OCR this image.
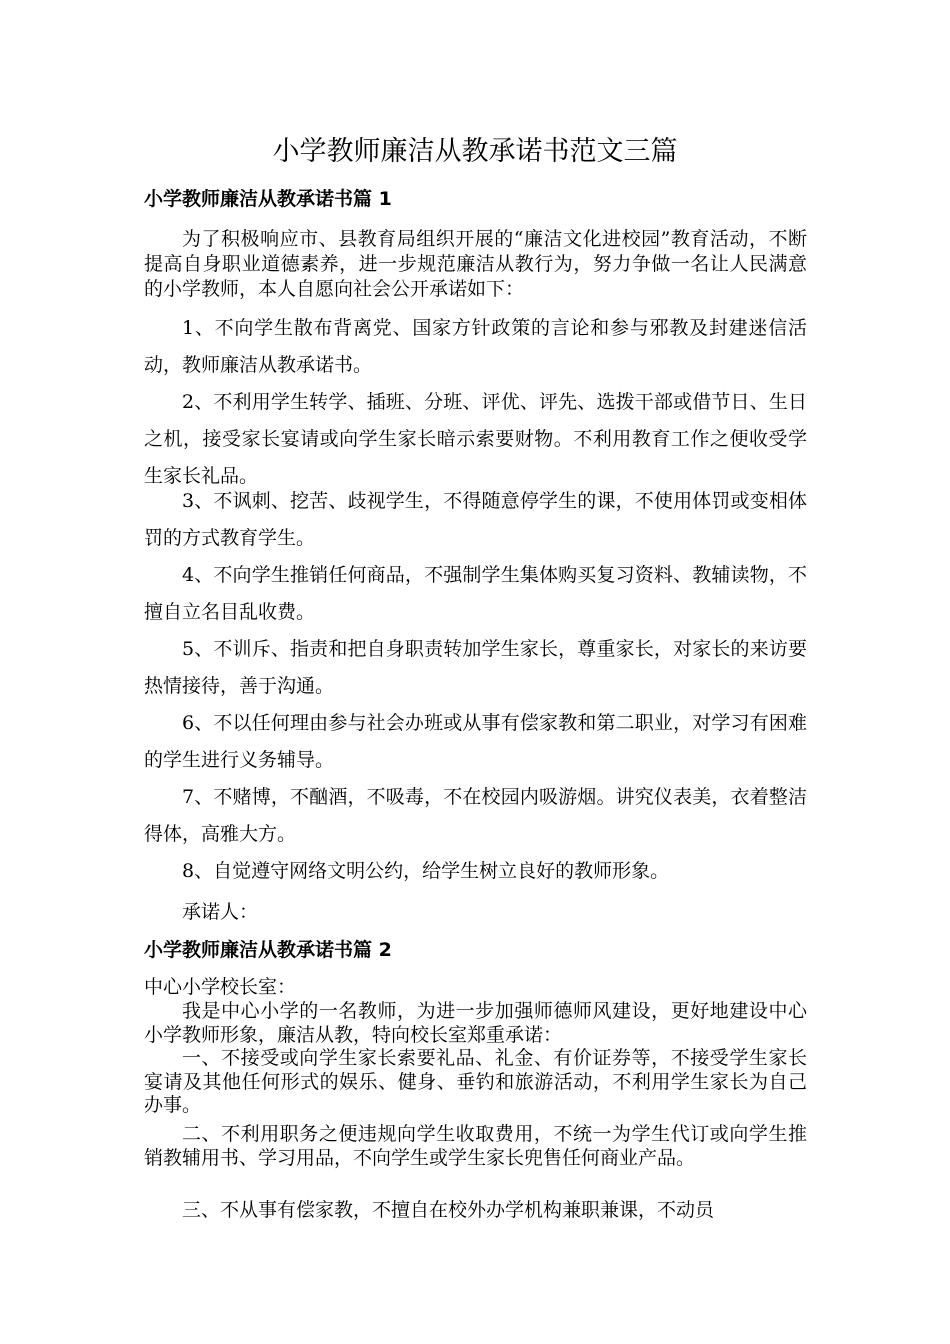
小学教师廉洁从教承诺书范文三篇
小学教师廉洁从教承诺书篇 1
为了积极响应市、县教育局组织开展的“廉洁文化进校园”教育活动，不断提高自身职业道德素养，进一步规范廉洁从教行为，努力争做一名让人民满意的小学教师，本人自愿向社会公开承诺如下：
1、不向学生散布背离党、国家方针政策的言论和参与邪教及封建迷信活动，教师廉洁从教承诺书。
2、不利用学生转学、插班、分班、评优、评先、选拨干部或借节日、生日之机，接受家长宴请或向学生家长暗示索要财物。不利用教育工作之便收受学生家长礼品。
3、不讽刺、挖苦、歧视学生，不得随意停学生的课，不使用体罚或变相体罚的方式教育学生。
4、不向学生推销任何商品，不强制学生集体购买复习资料、教辅读物，不擅自立名目乱收费。
5、不训斥、指责和把自身职责转加学生家长，尊重家长，对家长的来访要热情接待，善于沟通。
6、不以任何理由参与社会办班或从事有偿家教和第二职业，对学习有困难的学生进行义务辅导。
7、不赌博，不酗酒，不吸毒，不在校园内吸游烟。讲究仪表美，衣着整洁得体，高雅大方。
8、自觉遵守网络文明公约，给学生树立良好的教师形象。
承诺人：
小学教师廉洁从教承诺书篇 2
中心小学校长室：
我是中心小学的一名教师，为进一步加强师德师风建设，更好地建设中心小学教师形象，廉洁从教，特向校长室郑重承诺：
一、不接受或向学生家长索要礼品、礼金、有价证券等，不接受学生家长宴请及其他任何形式的娱乐、健身、垂钓和旅游活动，不利用学生家长为自己办事。
二、不利用职务之便违规向学生收取费用，不统一为学生代订或向学生推销教辅用书、学习用品，不向学生或学生家长兜售任何商业产品。
三、不从事有偿家教，不擅自在校外办学机构兼职兼课，不动员
